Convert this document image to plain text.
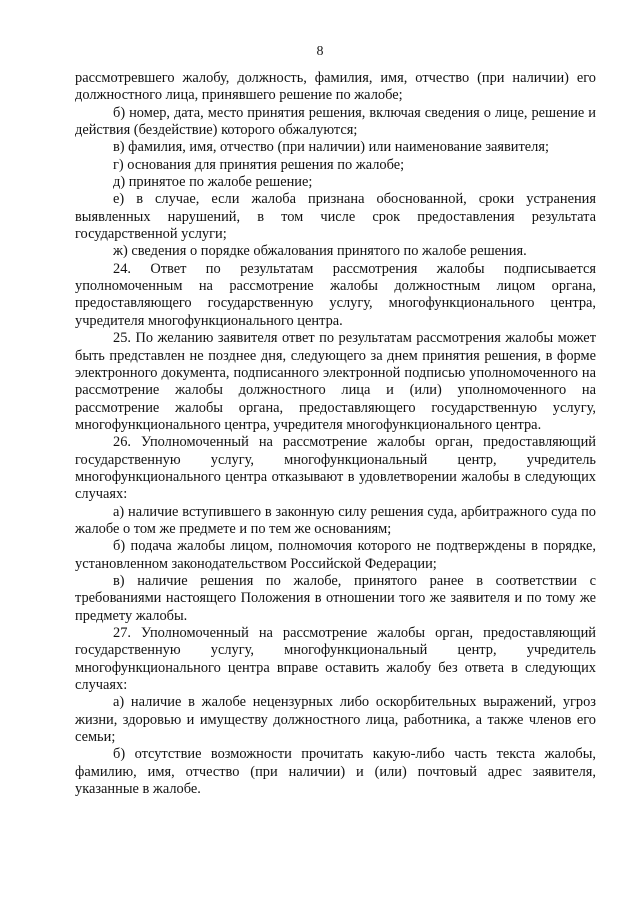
8

рассмотревшего жалобу, должность, фамилия, имя, отчество (при наличии) его должностного лица, принявшего решение по жалобе;

б) номер, дата, место принятия решения, включая сведения о лице, решение и действия (бездействие) которого обжалуются;

в) фамилия, имя, отчество (при наличии) или наименование заявителя;

г) основания для принятия решения по жалобе;

д) принятое по жалобе решение;

е) в случае, если жалоба признана обоснованной, сроки устранения выявленных нарушений, в том числе срок предоставления результата государственной услуги;

ж) сведения о порядке обжалования принятого по жалобе решения.

24. Ответ по результатам рассмотрения жалобы подписывается уполномоченным на рассмотрение жалобы должностным лицом органа, предоставляющего государственную услугу, многофункционального центра, учредителя многофункционального центра.

25. По желанию заявителя ответ по результатам рассмотрения жалобы может быть представлен не позднее дня, следующего за днем принятия решения, в форме электронного документа, подписанного электронной подписью уполномоченного на рассмотрение жалобы должностного лица и (или) уполномоченного на рассмотрение жалобы органа, предоставляющего государственную услугу, многофункционального центра, учредителя многофункционального центра.

26. Уполномоченный на рассмотрение жалобы орган, предоставляющий государственную услугу, многофункциональный центр, учредитель многофункционального центра отказывают в удовлетворении жалобы в следующих случаях:

а) наличие вступившего в законную силу решения суда, арбитражного суда по жалобе о том же предмете и по тем же основаниям;

б) подача жалобы лицом, полномочия которого не подтверждены в порядке, установленном законодательством Российской Федерации;

в) наличие решения по жалобе, принятого ранее в соответствии с требованиями настоящего Положения в отношении того же заявителя и по тому же предмету жалобы.

27. Уполномоченный на рассмотрение жалобы орган, предоставляющий государственную услугу, многофункциональный центр, учредитель многофункционального центра вправе оставить жалобу без ответа в следующих случаях:

а) наличие в жалобе нецензурных либо оскорбительных выражений, угроз жизни, здоровью и имуществу должностного лица, работника, а также членов его семьи;

б) отсутствие возможности прочитать какую-либо часть текста жалобы, фамилию, имя, отчество (при наличии) и (или) почтовый адрес заявителя, указанные в жалобе.
